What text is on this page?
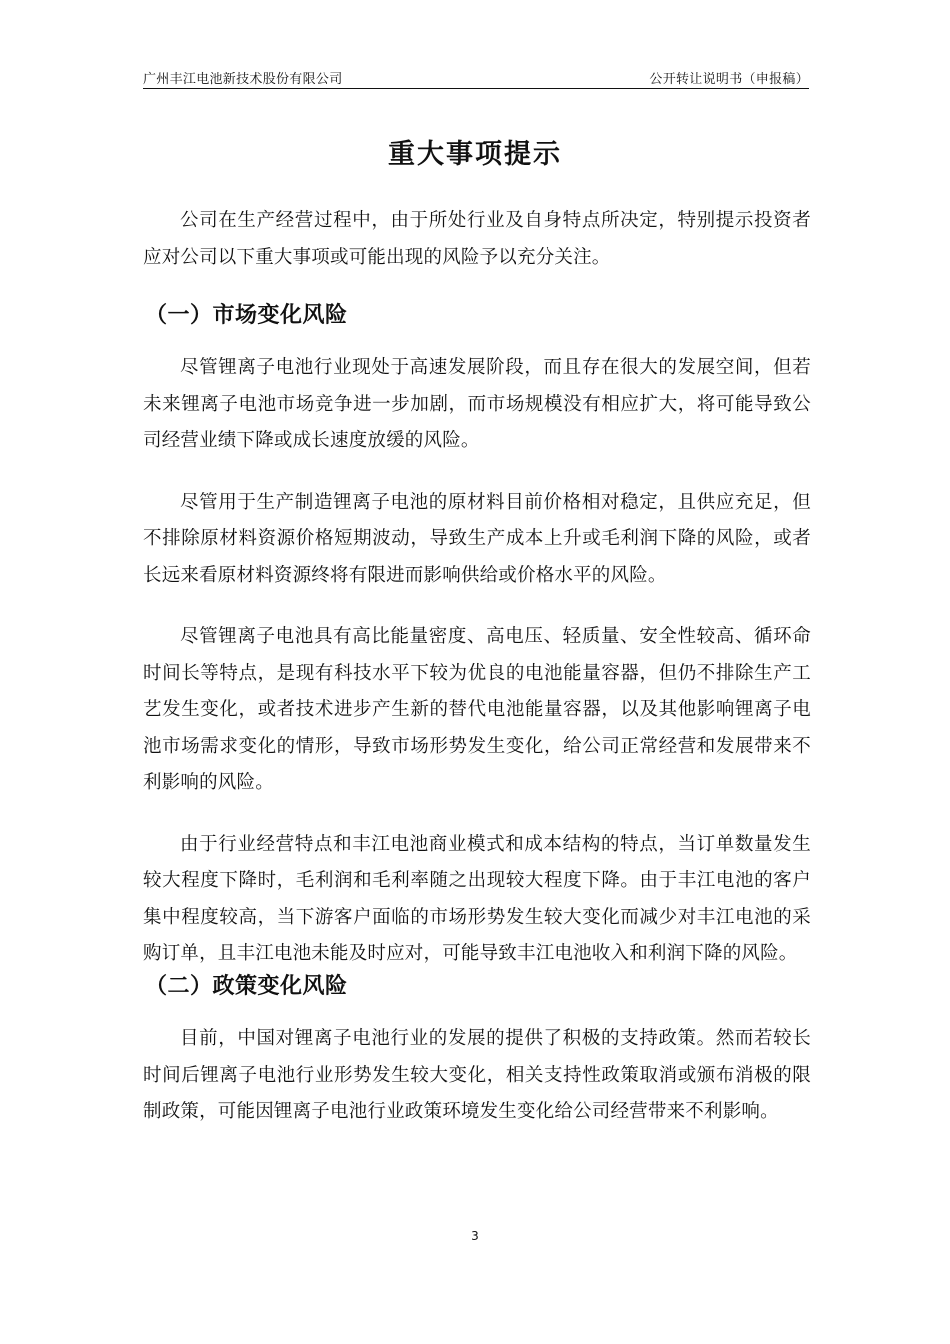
广州丰江电池新技术股份有限公司	公开转让说明书（申报稿）
重大事项提示

公司在生产经营过程中，由于所处行业及自身特点所决定，特别提示投资者应对公司以下重大事项或可能出现的风险予以充分关注。

（一）市场变化风险

尽管锂离子电池行业现处于高速发展阶段，而且存在很大的发展空间，但若未来锂离子电池市场竞争进一步加剧，而市场规模没有相应扩大，将可能导致公司经营业绩下降或成长速度放缓的风险。

尽管用于生产制造锂离子电池的原材料目前价格相对稳定，且供应充足，但不排除原材料资源价格短期波动，导致生产成本上升或毛利润下降的风险，或者长远来看原材料资源终将有限进而影响供给或价格水平的风险。

尽管锂离子电池具有高比能量密度、高电压、轻质量、安全性较高、循环命时间长等特点，是现有科技水平下较为优良的电池能量容器，但仍不排除生产工艺发生变化，或者技术进步产生新的替代电池能量容器，以及其他影响锂离子电池市场需求变化的情形，导致市场形势发生变化，给公司正常经营和发展带来不利影响的风险。

由于行业经营特点和丰江电池商业模式和成本结构的特点，当订单数量发生较大程度下降时，毛利润和毛利率随之出现较大程度下降。由于丰江电池的客户集中程度较高，当下游客户面临的市场形势发生较大变化而减少对丰江电池的采购订单，且丰江电池未能及时应对，可能导致丰江电池收入和利润下降的风险。

（二）政策变化风险

目前，中国对锂离子电池行业的发展的提供了积极的支持政策。然而若较长时间后锂离子电池行业形势发生较大变化，相关支持性政策取消或颁布消极的限制政策，可能因锂离子电池行业政策环境发生变化给公司经营带来不利影响。

3
